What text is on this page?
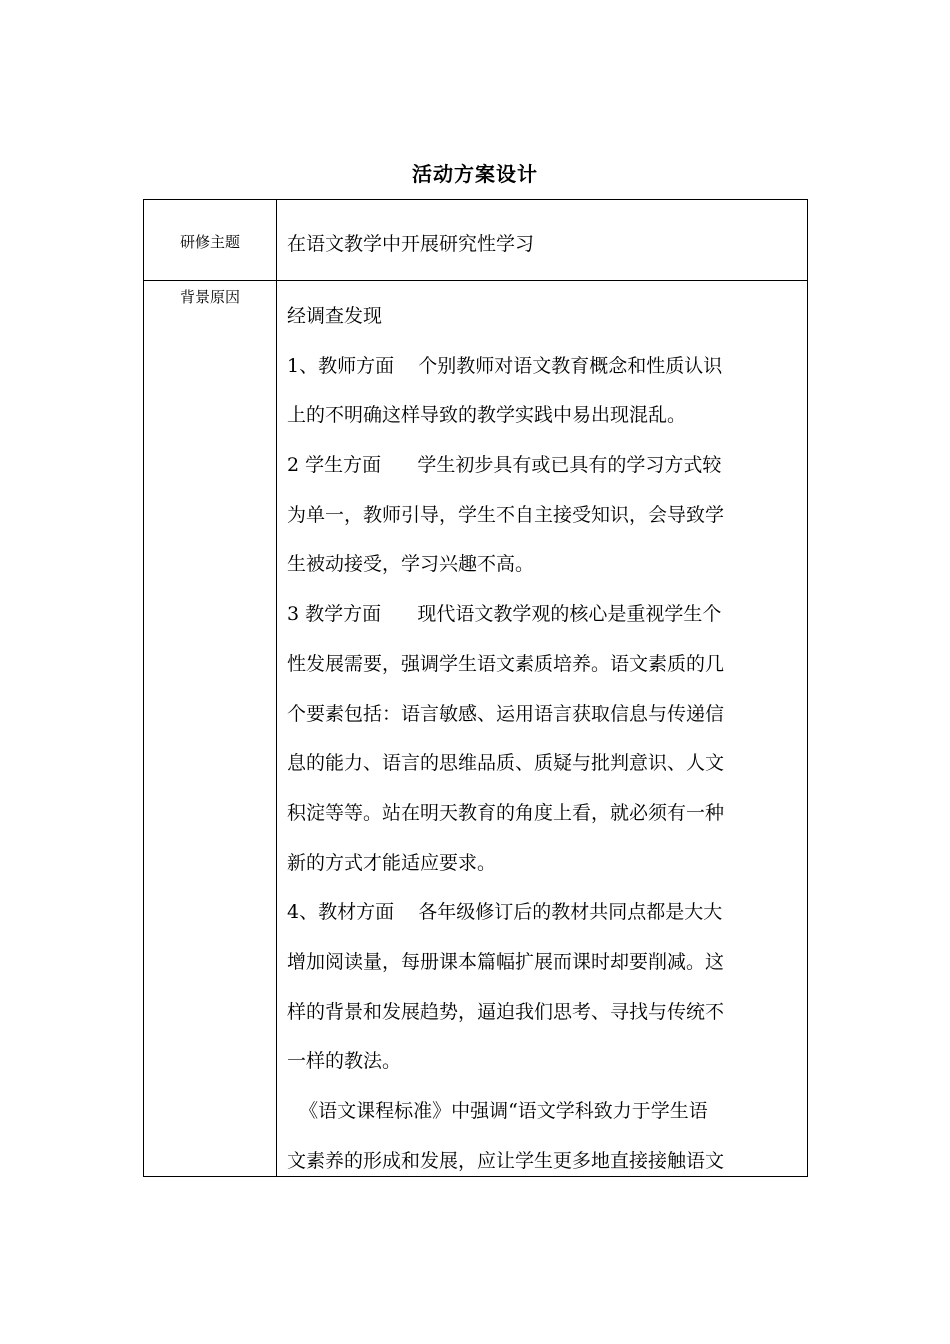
活动方案设计
研修主题	在语文教学中开展研究性学习
背景原因
经调查发现
1、教师方面    个别教师对语文教育概念和性质认识
上的不明确这样导致的教学实践中易出现混乱。
2 学生方面      学生初步具有或已具有的学习方式较
为单一，教师引导，学生不自主接受知识，会导致学
生被动接受，学习兴趣不高。
3 教学方面      现代语文教学观的核心是重视学生个
性发展需要，强调学生语文素质培养。语文素质的几
个要素包括：语言敏感、运用语言获取信息与传递信
息的能力、语言的思维品质、质疑与批判意识、人文
积淀等等。站在明天教育的角度上看，就必须有一种
新的方式才能适应要求。
4、教材方面    各年级修订后的教材共同点都是大大
增加阅读量，每册课本篇幅扩展而课时却要削减。这
样的背景和发展趋势，逼迫我们思考、寻找与传统不
一样的教法。
《语文课程标准》中强调“语文学科致力于学生语
文素养的形成和发展，应让学生更多地直接接触语文
